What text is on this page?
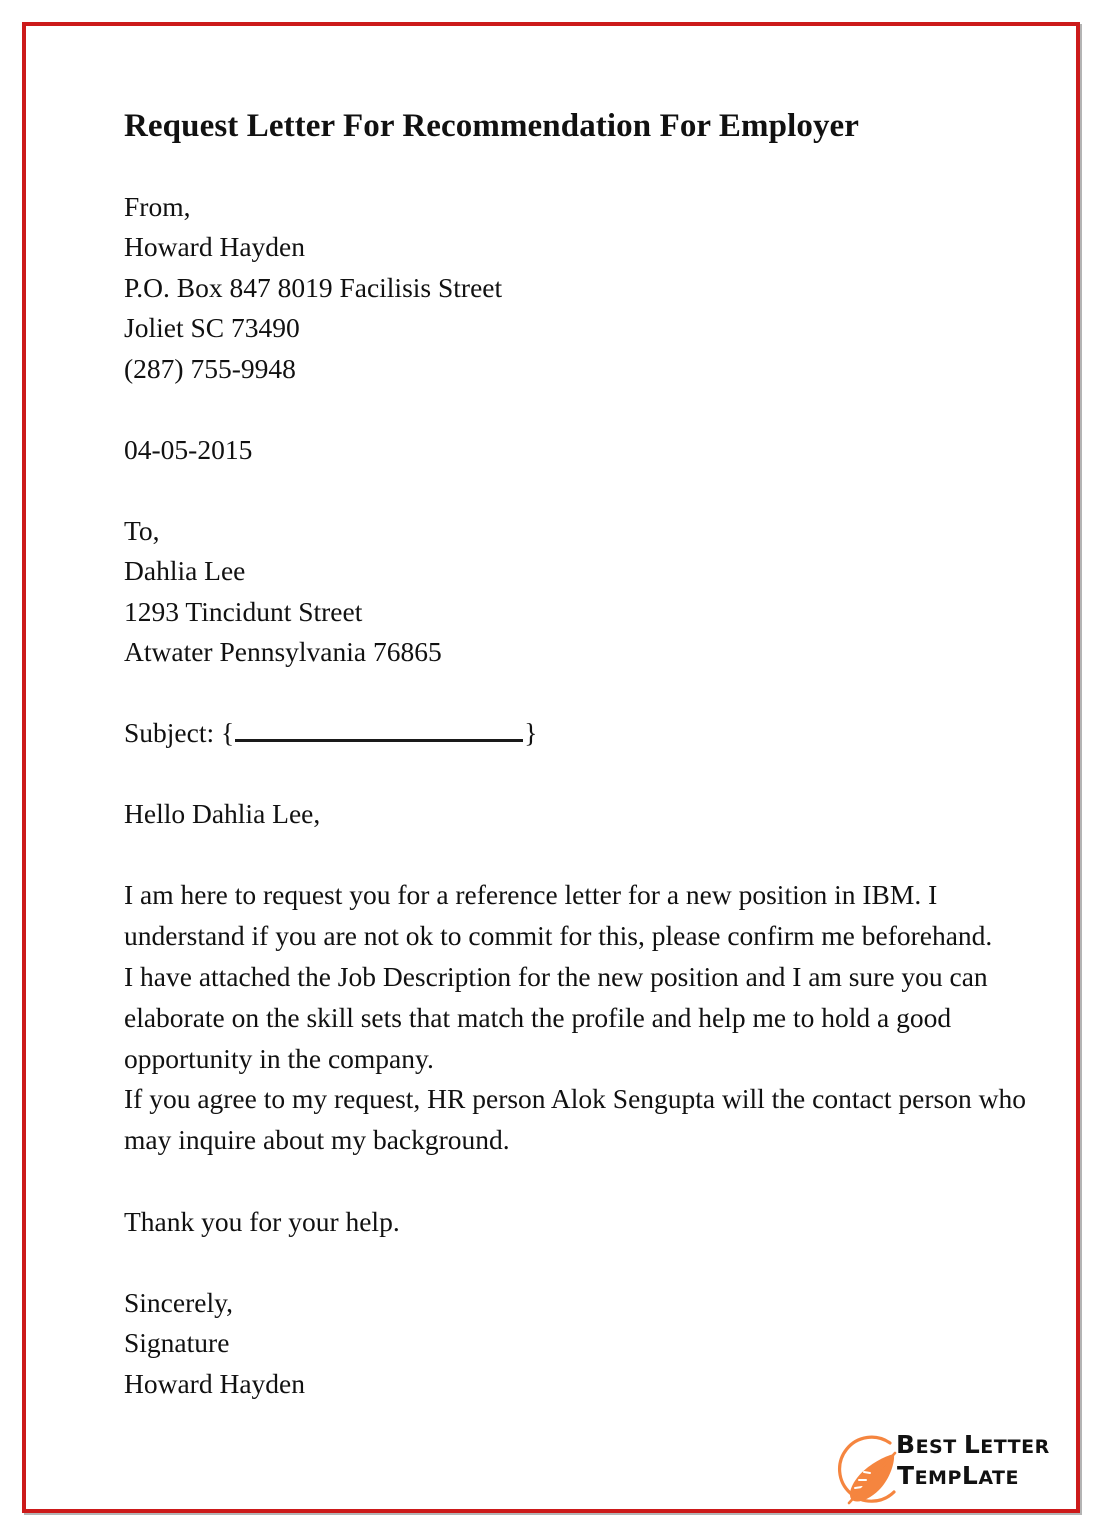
Request Letter For Recommendation For Employer
From,
Howard Hayden
P.O. Box 847 8019 Facilisis Street
Joliet SC 73490
(287) 755-9948
04-05-2015
To,
Dahlia Lee
1293 Tincidunt Street
Atwater Pennsylvania 76865
Subject: {	}
Hello Dahlia Lee,
I am here to request you for a reference letter for a new position in IBM. I understand if you are not ok to commit for this, please confirm me beforehand.
I have attached the Job Description for the new position and I am sure you can elaborate on the skill sets that match the profile and help me to hold a good opportunity in the company.
If you agree to my request, HR person Alok Sengupta will the contact person who may inquire about my background.
Thank you for your help.
Sincerely,
Signature
Howard Hayden
BEST LETTER
TEMPLATE
